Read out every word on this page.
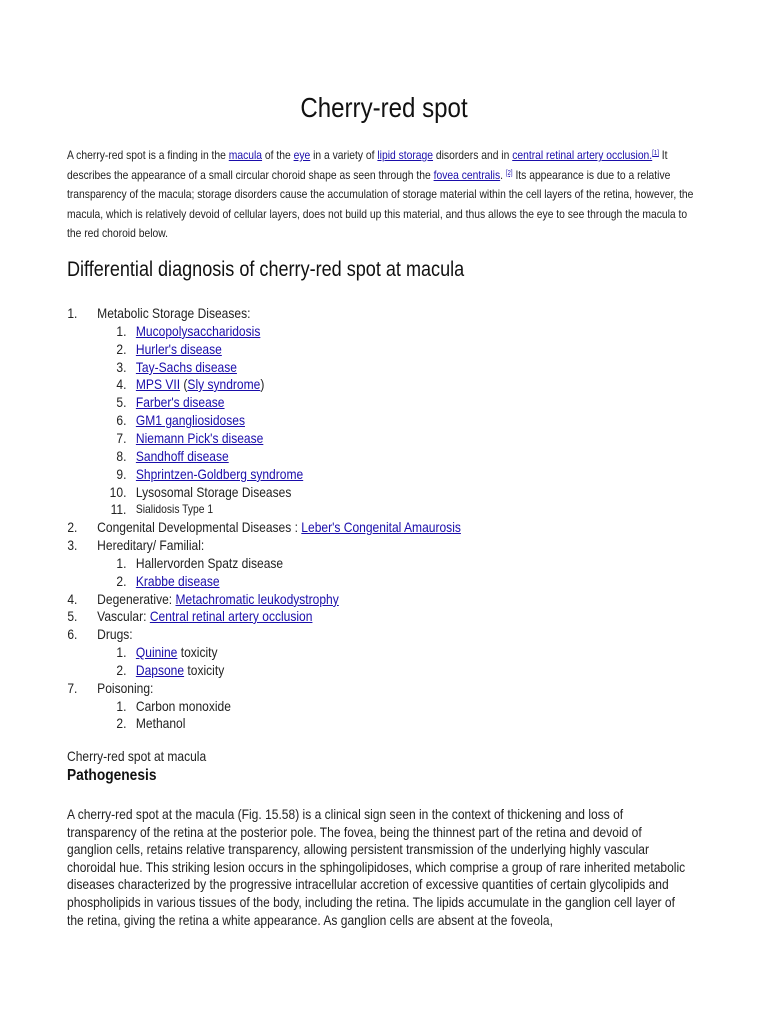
Cherry-red spot

A cherry-red spot is a finding in the macula of the eye in a variety of lipid storage disorders and in central retinal artery occlusion.[1] It describes the appearance of a small circular choroid shape as seen through the fovea centralis. [2] Its appearance is due to a relative transparency of the macula; storage disorders cause the accumulation of storage material within the cell layers of the retina, however, the macula, which is relatively devoid of cellular layers, does not build up this material, and thus allows the eye to see through the macula to the red choroid below.

Differential diagnosis of cherry-red spot at macula
1. Metabolic Storage Diseases:
1. Mucopolysaccharidosis
2. Hurler's disease
3. Tay-Sachs disease
4. MPS VII (Sly syndrome)
5. Farber's disease
6. GM1 gangliosidoses
7. Niemann Pick's disease
8. Sandhoff disease
9. Shprintzen-Goldberg syndrome
10. Lysosomal Storage Diseases
11. Sialidosis Type 1
2. Congenital Developmental Diseases : Leber's Congenital Amaurosis
3. Hereditary/ Familial:
1. Hallervorden Spatz disease
2. Krabbe disease
4. Degenerative: Metachromatic leukodystrophy
5. Vascular: Central retinal artery occlusion
6. Drugs:
1. Quinine toxicity
2. Dapsone toxicity
7. Poisoning:
1. Carbon monoxide
2. Methanol

Cherry-red spot at macula

Pathogenesis

A cherry-red spot at the macula (Fig. 15.58) is a clinical sign seen in the context of thickening and loss of transparency of the retina at the posterior pole. The fovea, being the thinnest part of the retina and devoid of ganglion cells, retains relative transparency, allowing persistent transmission of the underlying highly vascular choroidal hue. This striking lesion occurs in the sphingolipidoses, which comprise a group of rare inherited metabolic diseases characterized by the progressive intracellular accretion of excessive quantities of certain glycolipids and phospholipids in various tissues of the body, including the retina. The lipids accumulate in the ganglion cell layer of the retina, giving the retina a white appearance. As ganglion cells are absent at the foveola,
